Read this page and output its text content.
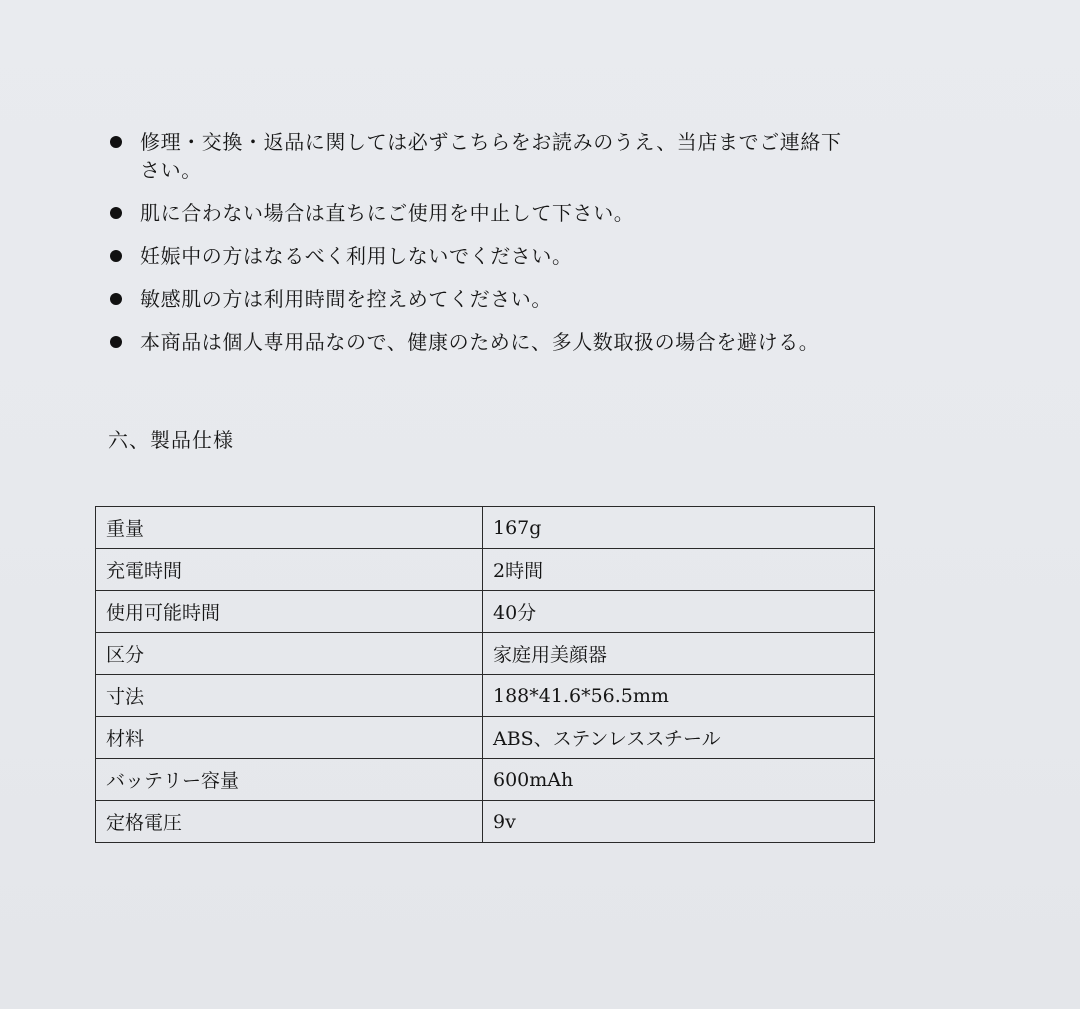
修理・交換・返品に関しては必ずこちらをお読みのうえ、当店までご連絡下さい。
肌に合わない場合は直ちにご使用を中止して下さい。
妊娠中の方はなるべく利用しないでください。
敏感肌の方は利用時間を控えめてください。
本商品は個人専用品なので、健康のために、多人数取扱の場合を避ける。
六、製品仕様
重量	167g
充電時間	2時間
使用可能時間	40分
区分	家庭用美顔器
寸法	188*41.6*56.5mm
材料	ABS、ステンレススチール
バッテリー容量	600mAh
定格電圧	9v
